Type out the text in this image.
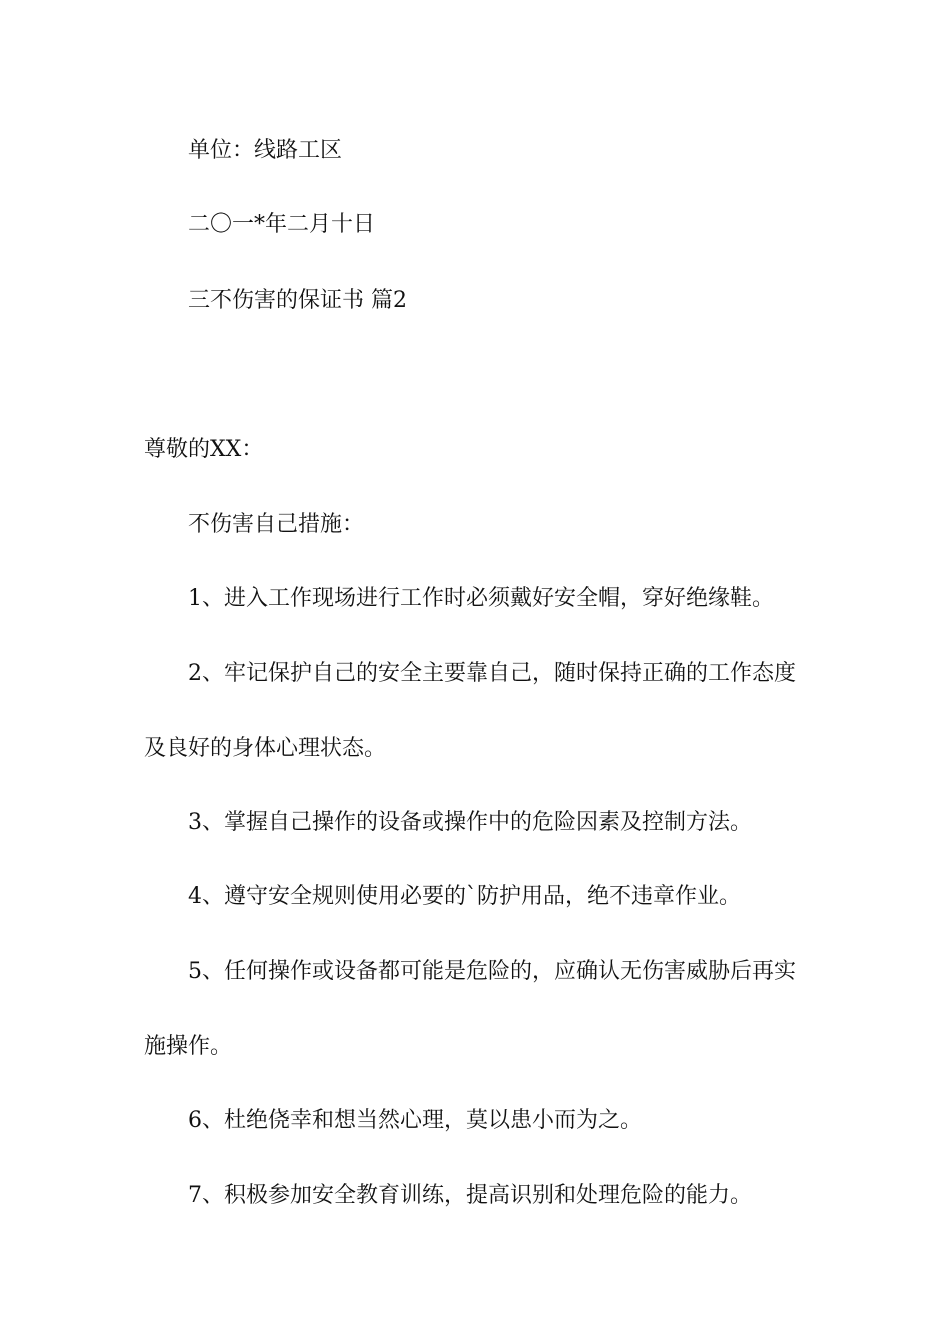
单位：线路工区
二〇一*年二月十日
三不伤害的保证书 篇2
尊敬的XX：
不伤害自己措施：
1、进入工作现场进行工作时必须戴好安全帽，穿好绝缘鞋。
2、牢记保护自己的安全主要靠自己，随时保持正确的工作态度
及良好的身体心理状态。
3、掌握自己操作的设备或操作中的危险因素及控制方法。
4、遵守安全规则使用必要的`防护用品，绝不违章作业。
5、任何操作或设备都可能是危险的，应确认无伤害威胁后再实
施操作。
6、杜绝侥幸和想当然心理，莫以患小而为之。
7、积极参加安全教育训练，提高识别和处理危险的能力。
